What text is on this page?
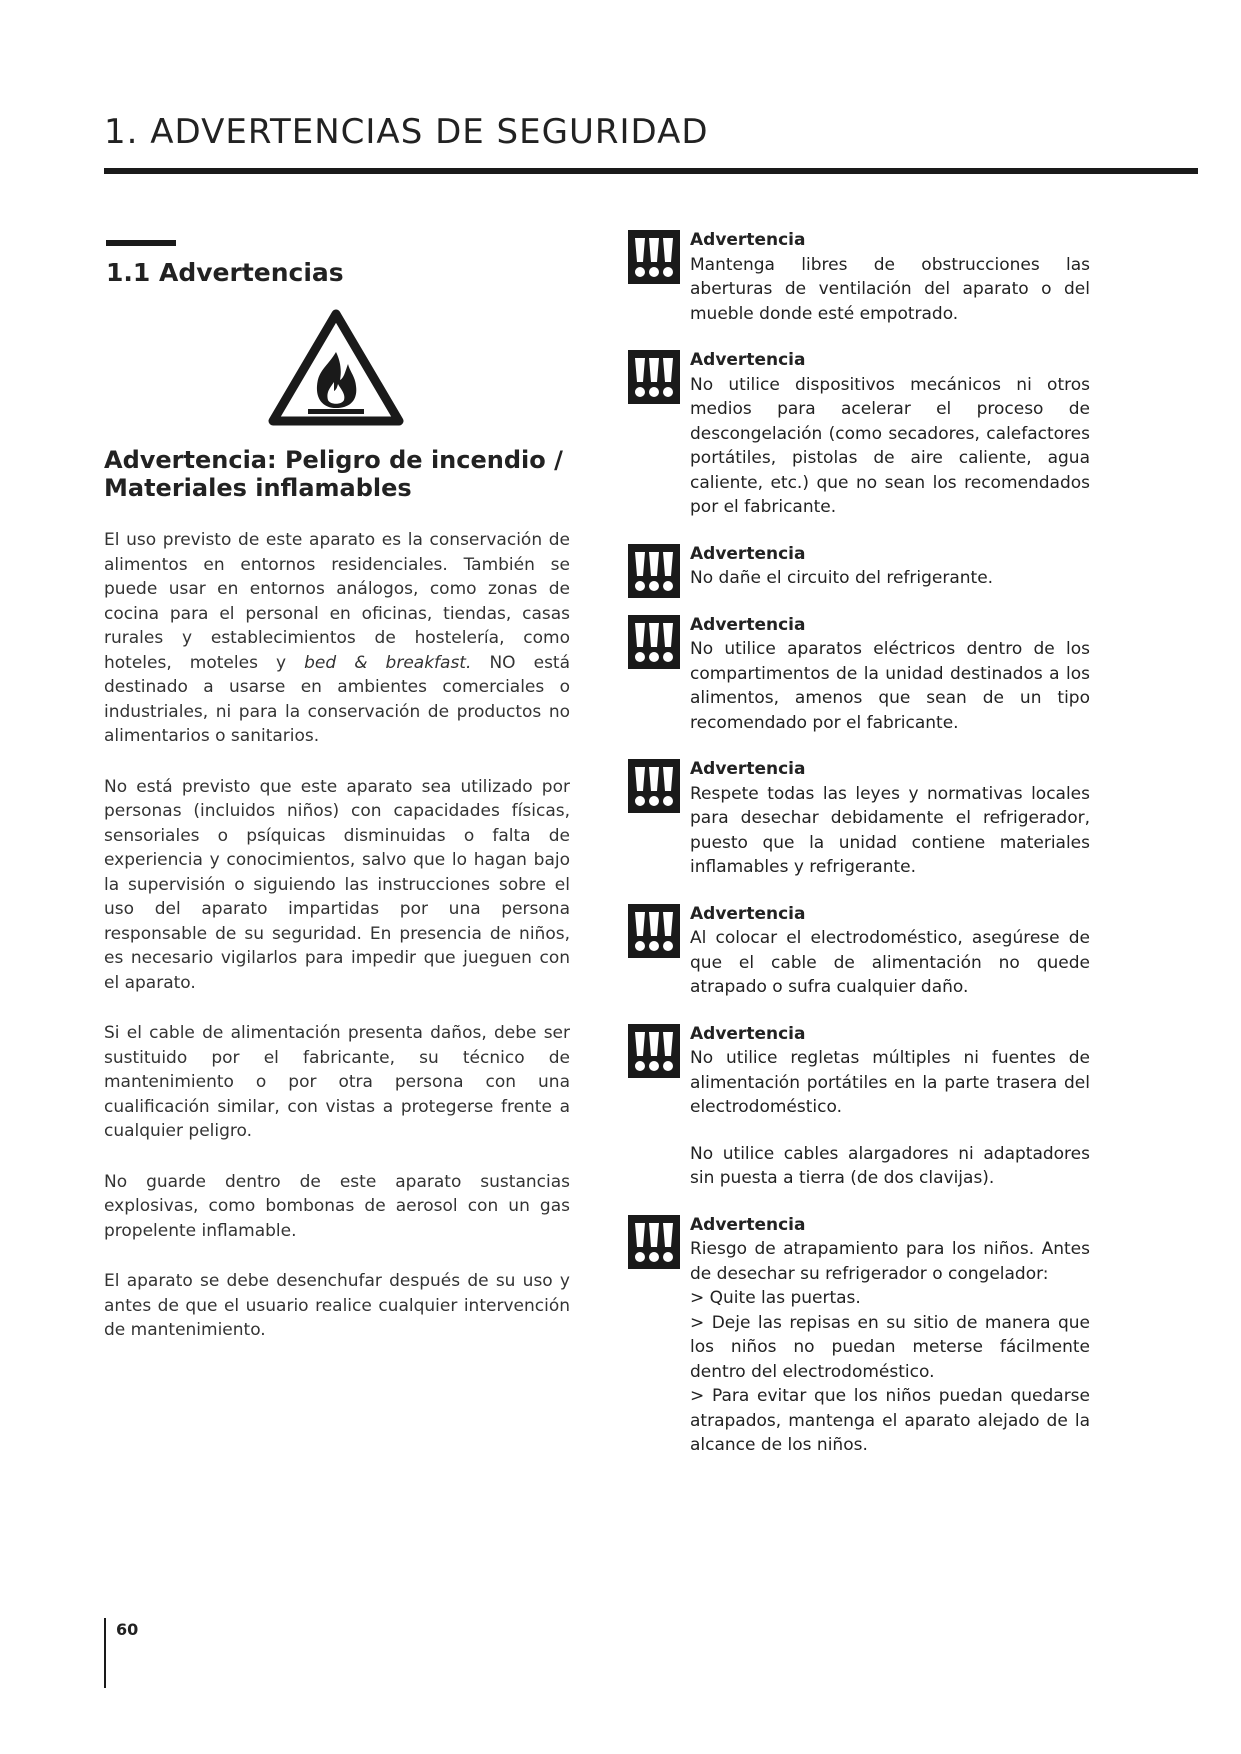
1. ADVERTENCIAS DE SEGURIDAD
1.1 Advertencias
Advertencia: Peligro de incendio / Materiales inflamables

El uso previsto de este aparato es la conservación de alimentos en entornos residenciales. También se puede usar en entornos análogos, como zonas de cocina para el personal en oficinas, tiendas, casas rurales y establecimientos de hostelería, como hoteles, moteles y bed & breakfast. NO está destinado a usarse en ambientes comerciales o industriales, ni para la conservación de productos no alimentarios o sanitarios.

No está previsto que este aparato sea utilizado por personas (incluidos niños) con capacidades físicas, sensoriales o psíquicas disminuidas o falta de experiencia y conocimientos, salvo que lo hagan bajo la supervisión o siguiendo las instrucciones sobre el uso del aparato impartidas por una persona responsable de su seguridad. En presencia de niños, es necesario vigilarlos para impedir que jueguen con el aparato.

Si el cable de alimentación presenta daños, debe ser sustituido por el fabricante, su técnico de mantenimiento o por otra persona con una cualificación similar, con vistas a protegerse frente a cualquier peligro.

No guarde dentro de este aparato sustancias explosivas, como bombonas de aerosol con un gas propelente inflamable.

El aparato se debe desenchufar después de su uso y antes de que el usuario realice cualquier intervención de mantenimiento.

Advertencia

Mantenga libres de obstrucciones las aberturas de ventilación del aparato o del mueble donde esté empotrado.

Advertencia

No utilice dispositivos mecánicos ni otros medios para acelerar el proceso de descongelación (como secadores, calefactores portátiles, pistolas de aire caliente, agua caliente, etc.) que no sean los recomendados por el fabricante.

Advertencia

No dañe el circuito del refrigerante.

Advertencia

No utilice aparatos eléctricos dentro de los compartimentos de la unidad destinados a los alimentos, amenos que sean de un tipo recomendado por el fabricante.

Advertencia

Respete todas las leyes y normativas locales para desechar debidamente el refrigerador, puesto que la unidad contiene materiales inflamables y refrigerante.

Advertencia

Al colocar el electrodoméstico, asegúrese de que el cable de alimentación no quede atrapado o sufra cualquier daño.

Advertencia

No utilice regletas múltiples ni fuentes de alimentación portátiles en la parte trasera del electrodoméstico.

No utilice cables alargadores ni adaptadores sin puesta a tierra (de dos clavijas).

Advertencia

Riesgo de atrapamiento para los niños. Antes de desechar su refrigerador o congelador:

> Quite las puertas.

> Deje las repisas en su sitio de manera que los niños no puedan meterse fácilmente dentro del electrodoméstico.

> Para evitar que los niños puedan quedarse atrapados, mantenga el aparato alejado de la alcance de los niños.

60
